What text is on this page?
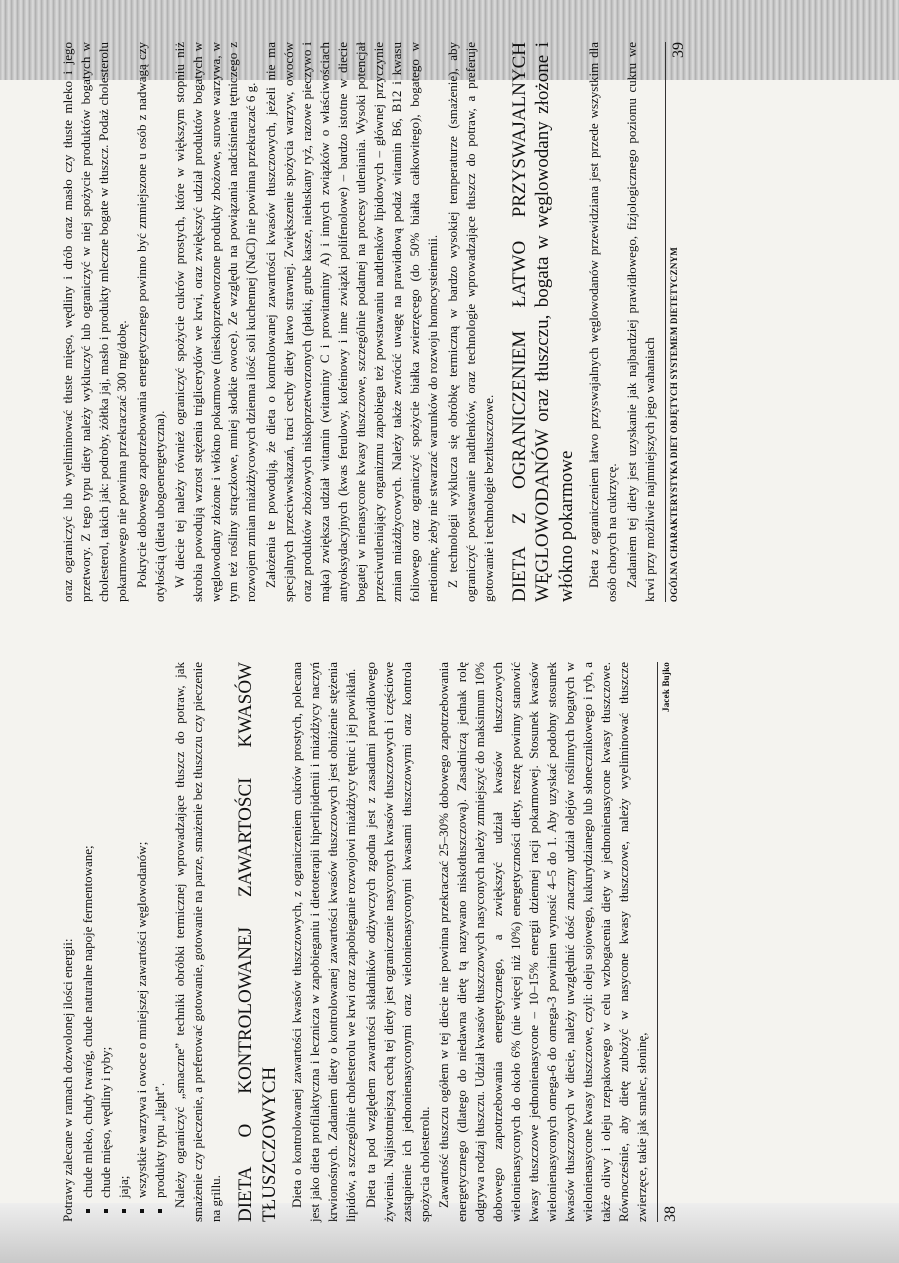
Potrawy zalecane w ramach dozwolonej ilości energii: ▪ chude mleko, chudy twaróg, chude naturalne napoje fermentowane; ▪ chude mięso, wędliny i ryby; ▪ jaja; ▪ wszystkie warzywa i owoce o mniejszej zawartości węglowodanów; ▪ produkty typu „light”. Należy ograniczyć „smaczne” techniki obróbki termicznej wprowadzające tłuszcz do potraw, jak smażenie czy pieczenie, a preferować gotowanie, gotowanie na parze, smażenie bez tłuszczu czy pieczenie na grillu. DIETA O KONTROLOWANEJ ZAWARTOŚCI KWASÓW TŁUSZCZOWYCH Dieta o kontrolowanej zawartości kwasów tłuszczowych, z ograniczeniem cukrów prostych, polecana jest jako dieta profilaktyczna i lecznicza w zapobieganiu i dietoterapii hiperlipidemii i miażdżycy naczyń krwionośnych. Zadaniem diety o kontrolowanej zawartości kwasów tłuszczowych jest obniżenie stężenia lipidów, a szczególnie cholesterolu we krwi oraz zapobieganie rozwojowi miażdżycy tętnic i jej powikłań. Dieta ta pod względem zawartości składników odżywczych zgodna jest z zasadami prawidłowego żywienia. Najistotniejszą cechą tej diety jest ograniczenie nasyconych kwasów tłuszczowych i częściowe zastąpienie ich jednonienasyconymi oraz wielonienasyconymi kwasami tłuszczowymi oraz kontrola spożycia cholesterolu. Zawartość tłuszczu ogółem w tej diecie nie powinna przekraczać 25–30% dobowego zapotrzebowania energetycznego (dlatego do niedawna dietę tą nazywano niskotłuszczową). Zasadniczą jednak rolę odgrywa rodzaj tłuszczu. Udział kwasów tłuszczowych nasyconych należy zmniejszyć do maksimum 10% dobowego zapotrzebowania energetycznego, a zwiększyć udział kwasów tłuszczowych wielonienasyconych do około 6% (nie więcej niż 10%) energetyczności diety, resztę powinny stanowić kwasy tłuszczowe jednonienasycone – 10–15% energii dziennej racji pokarmowej. Stosunek kwasów wielonienasyconych omega-6 do omega-3 powinien wynosić 4–5 do 1. Aby uzyskać podobny stosunek kwasów tłuszczowych w diecie, należy uwzględnić dość znaczny udział olejów roślinnych bogatych w wielonienasycone kwasy tłuszczowe, czyli: oleju sojowego, kukurydzianego lub słonecznikowego i ryb, a także oliwy i oleju rzepakowego w celu wzbogacenia diety w jednonienasycone kwasy tłuszczowe. Równocześnie, aby dietę zubożyć w nasycone kwasy tłuszczowe, należy wyeliminować tłuszcze zwierzęce, takie jak smalec, słoninę, 38
Jacek Bujko

oraz ograniczyć lub wyeliminować tłuste mięso, wędliny i drób oraz masło czy tłuste mleko i jego przetwory. Z tego typu diety należy wykluczyć lub ograniczyć w niej spożycie produktów bogatych w cholesterol, takich jak: podroby, żółtka jaj, masło i produkty mleczne bogate w tłuszcz. Podaż cholesterolu pokarmowego nie powinna przekraczać 300 mg/dobę. Pokrycie dobowego zapotrzebowania energetycznego powinno być zmniejszone u osób z nadwagą czy otyłością (dieta ubogoenergetyczna). W diecie tej należy również ograniczyć spożycie cukrów prostych, które w większym stopniu niż skrobia powodują wzrost stężenia triglicerydów we krwi, oraz zwiększyć udział produktów bogatych w węglowodany złożone i włókno pokarmowe (nieskoprzetworzone produkty zbożowe, surowe warzywa, w tym też rośliny strączkowe, mniej słodkie owoce). Ze względu na powiązania nadciśnienia tętniczego z rozwojem zmian miażdżycowych dzienna ilość soli kuchennej (NaCl) nie powinna przekraczać 6 g. Założenia te powodują, że dieta o kontrolowanej zawartości kwasów tłuszczowych, jeżeli nie ma specjalnych przeciwwskazań, traci cechy diety łatwo strawnej. Zwiększenie spożycia warzyw, owoców oraz produktów zbożowych niskoprzetworzonych (płatki, grube kasze, niełuskany ryż, razowe pieczywo i mąka) zwiększa udział witamin (witaminy C i prowitaminy A) i innych związków o właściwościach antyoksydacyjnych (kwas ferulowy, kofeinowy i inne związki polifenolowe) – bardzo istotne w diecie bogatej w nienasycone kwasy tłuszczowe, szczególnie podatnej na procesy utleniania. Wysoki potencjał przeciwutleniający organizmu zapobiega też powstawaniu nadtlenków lipidowych – głównej przyczynie zmian miażdżycowych. Należy także zwrócić uwagę na prawidłową podaż witamin B6, B12 i kwasu foliowego oraz ograniczyć spożycie białka zwierzęcego (do 50% białka całkowitego), bogatego w metioninę, żeby nie stwarzać warunków do rozwoju homocysteinemii. Z technologii wyklucza się obróbkę termiczną w bardzo wysokiej temperaturze (smażenie), aby ograniczyć powstawanie nadtlenków, oraz technologie wprowadzające tłuszcz do potraw, a preferuje gotowanie i technologie beztłuszczowe. DIETA Z OGRANICZENIEM ŁATWO PRZYSWAJALNYCH WĘGLOWODANÓW oraz tłuszczu, bogata w węglowodany złożone i włókno pokarmowe Dieta z ograniczeniem łatwo przyswajalnych węglowodanów przewidziana jest przede wszystkim dla osób chorych na cukrzycę. Zadaniem tej diety jest uzyskanie jak najbardziej prawidłowego, fizjologicznego poziomu cukru we krwi przy możliwie najmniejszych jego wahaniach OGÓLNA CHARAKTERYSTYKA DIET OBJĘTYCH SYSTEMEM DIETETYCZNYM
39
